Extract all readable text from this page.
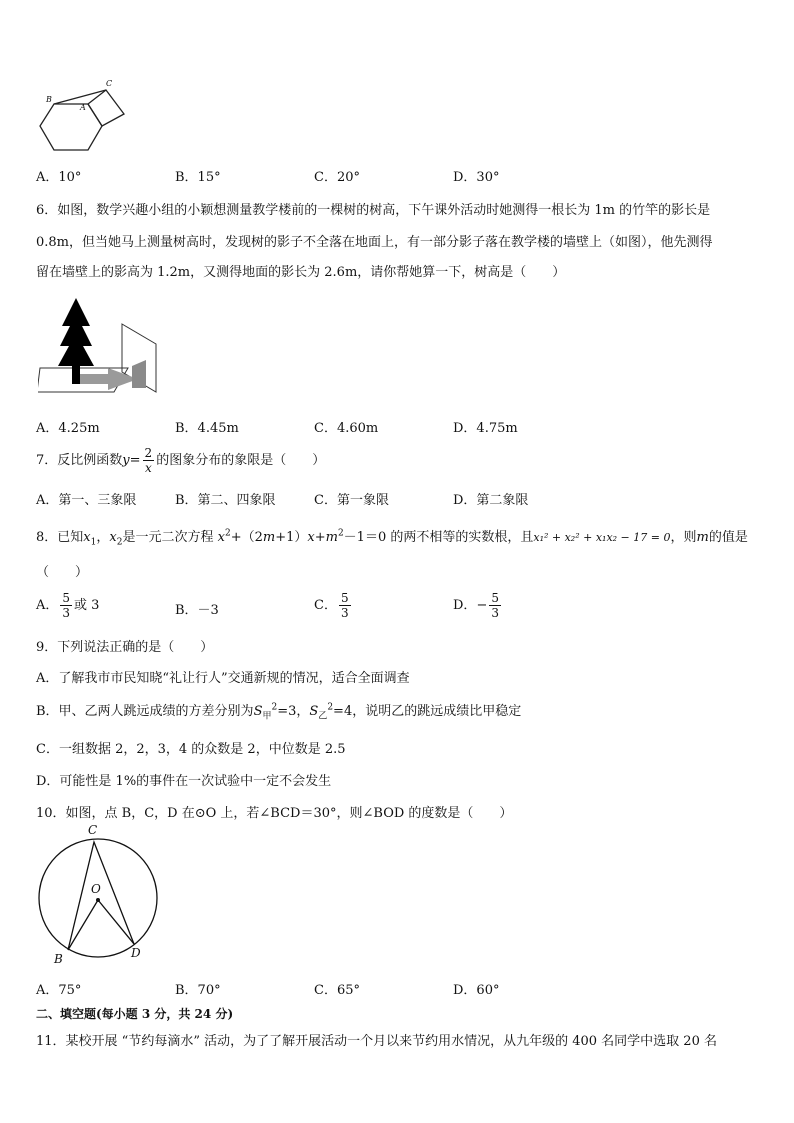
B
A
C
A．10°	B．15°	C．20°	D．30°
6．如图，数学兴趣小组的小颖想测量教学楼前的一棵树的树高，下午课外活动时她测得一根长为 1m 的竹竿的影长是
0.8m，但当她马上测量树高时，发现树的影子不全落在地面上，有一部分影子落在教学楼的墙壁上（如图），他先测得
留在墙壁上的影高为 1.2m，又测得地面的影长为 2.6m，请你帮她算一下，树高是（　　）
A．4.25m	B．4.45m	C．4.60m	D．4.75m
7．反比例函数$y= \frac{2}{x}$ 的图象分布的象限是（　　）
A．第一、三象限	B．第二、四象限	C．第一象限	D．第二象限
8．已知$x_1$，$x_2$是一元二次方程 $x^2+(2m+1)x+m^2-1=0$ 的两不相等的实数根，且x₁² + x₂² + x₁x₂ − 17 = 0，则m的值是
（　　）
A． $\frac{5}{3}$ 或 3	B．－3	C． $\frac{5}{3}$	D．− $\frac{5}{3}$
9．下列说法正确的是（　　）
A．了解我市市民知晓“礼让行人”交通新规的情况，适合全面调查
B．甲、乙两人跳远成绩的方差分别为$S_甲^2=3$，$S_乙^2=4$，说明乙的跳远成绩比甲稳定
C．一组数据 2，2，3，4 的众数是 2，中位数是 2.5
D．可能性是 1%的事件在一次试验中一定不会发生
10．如图，点 B，C，D 在⊙O 上，若∠BCD＝30°，则∠BOD 的度数是（　　）
C
O
B	D
A．75°	B．70°	C．65°	D．60°
二、填空题(每小题 3 分，共 24 分)
11．某校开展 “节约每滴水” 活动，为了了解开展活动一个月以来节约用水情况，从九年级的 400 名同学中选取 20 名
